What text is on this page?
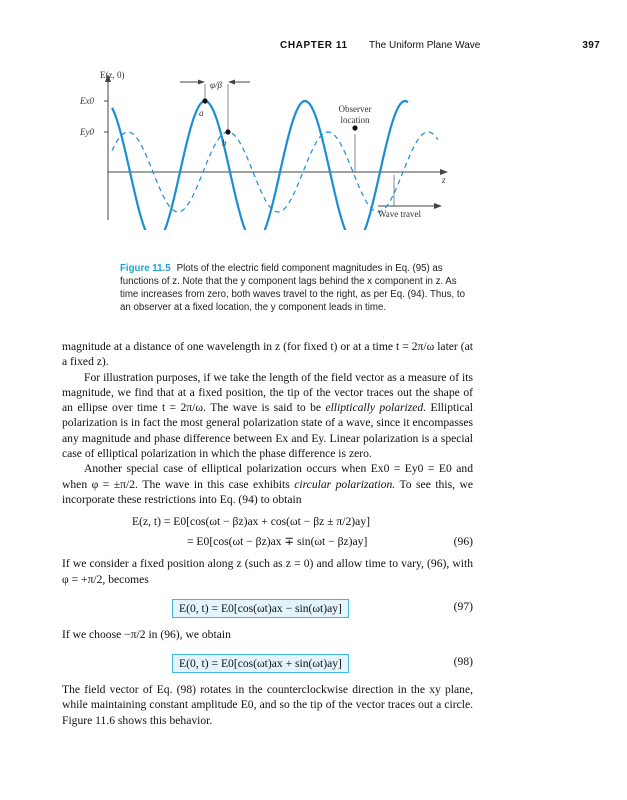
CHAPTER 11 The Uniform Plane Wave	397
E(z, 0)
Ex0
Ey0
φ/β
a
b
Observer
location
z
Wave travel
Figure 11.5 Plots of the electric field component magnitudes in Eq. (95) as functions of z. Note that the y component lags behind the x component in z. As time increases from zero, both waves travel to the right, as per Eq. (94). Thus, to an observer at a fixed location, the y component leads in time.

magnitude at a distance of one wavelength in z (for fixed t) or at a time t = 2π/ω later (at a fixed z).

For illustration purposes, if we take the length of the field vector as a measure of its magnitude, we find that at a fixed position, the tip of the vector traces out the shape of an ellipse over time t = 2π/ω. The wave is said to be elliptically polarized. Elliptical polarization is in fact the most general polarization state of a wave, since it encompasses any magnitude and phase difference between Ex and Ey. Linear polarization is a special case of elliptical polarization in which the phase difference is zero.

Another special case of elliptical polarization occurs when Ex0 = Ey0 = E0 and when φ = ±π/2. The wave in this case exhibits circular polarization. To see this, we incorporate these restrictions into Eq. (94) to obtain

E(z, t) = E0[cos(ωt − βz)ax + cos(ωt − βz ± π/2)ay]
= E0[cos(ωt − βz)ax ∓ sin(ωt − βz)ay]	(96)

If we consider a fixed position along z (such as z = 0) and allow time to vary, (96), with φ = +π/2, becomes

E(0, t) = E0[cos(ωt)ax − sin(ωt)ay]	(97)

If we choose −π/2 in (96), we obtain

E(0, t) = E0[cos(ωt)ax + sin(ωt)ay]	(98)

The field vector of Eq. (98) rotates in the counterclockwise direction in the xy plane, while maintaining constant amplitude E0, and so the tip of the vector traces out a circle. Figure 11.6 shows this behavior.
